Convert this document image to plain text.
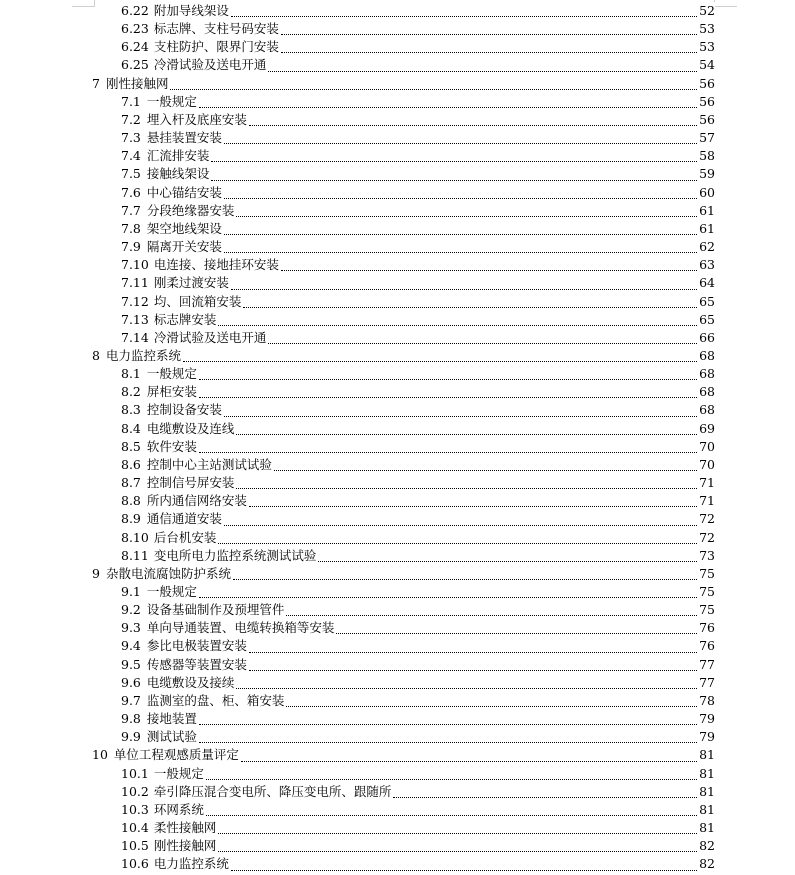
6.22 附加导线架设	52
6.23 标志牌、支柱号码安装	53
6.24 支柱防护、限界门安装	53
6.25 冷滑试验及送电开通	54
7 刚性接触网	56
7.1 一般规定	56
7.2 埋入杆及底座安装	56
7.3 悬挂装置安装	57
7.4 汇流排安装	58
7.5 接触线架设	59
7.6 中心锚结安装	60
7.7 分段绝缘器安装	61
7.8 架空地线架设	61
7.9 隔离开关安装	62
7.10 电连接、接地挂环安装	63
7.11 刚柔过渡安装	64
7.12 均、回流箱安装	65
7.13 标志牌安装	65
7.14 冷滑试验及送电开通	66
8 电力监控系统	68
8.1 一般规定	68
8.2 屏柜安装	68
8.3 控制设备安装	68
8.4 电缆敷设及连线	69
8.5 软件安装	70
8.6 控制中心主站测试试验	70
8.7 控制信号屏安装	71
8.8 所内通信网络安装	71
8.9 通信通道安装	72
8.10 后台机安装	72
8.11 变电所电力监控系统测试试验	73
9 杂散电流腐蚀防护系统	75
9.1 一般规定	75
9.2 设备基础制作及预埋管件	75
9.3 单向导通装置、电缆转换箱等安装	76
9.4 参比电极装置安装	76
9.5 传感器等装置安装	77
9.6 电缆敷设及接续	77
9.7 监测室的盘、柜、箱安装	78
9.8 接地装置	79
9.9 测试试验	79
10 单位工程观感质量评定	81
10.1 一般规定	81
10.2 牵引降压混合变电所、降压变电所、跟随所	81
10.3 环网系统	81
10.4 柔性接触网	81
10.5 刚性接触网	82
10.6 电力监控系统	82
